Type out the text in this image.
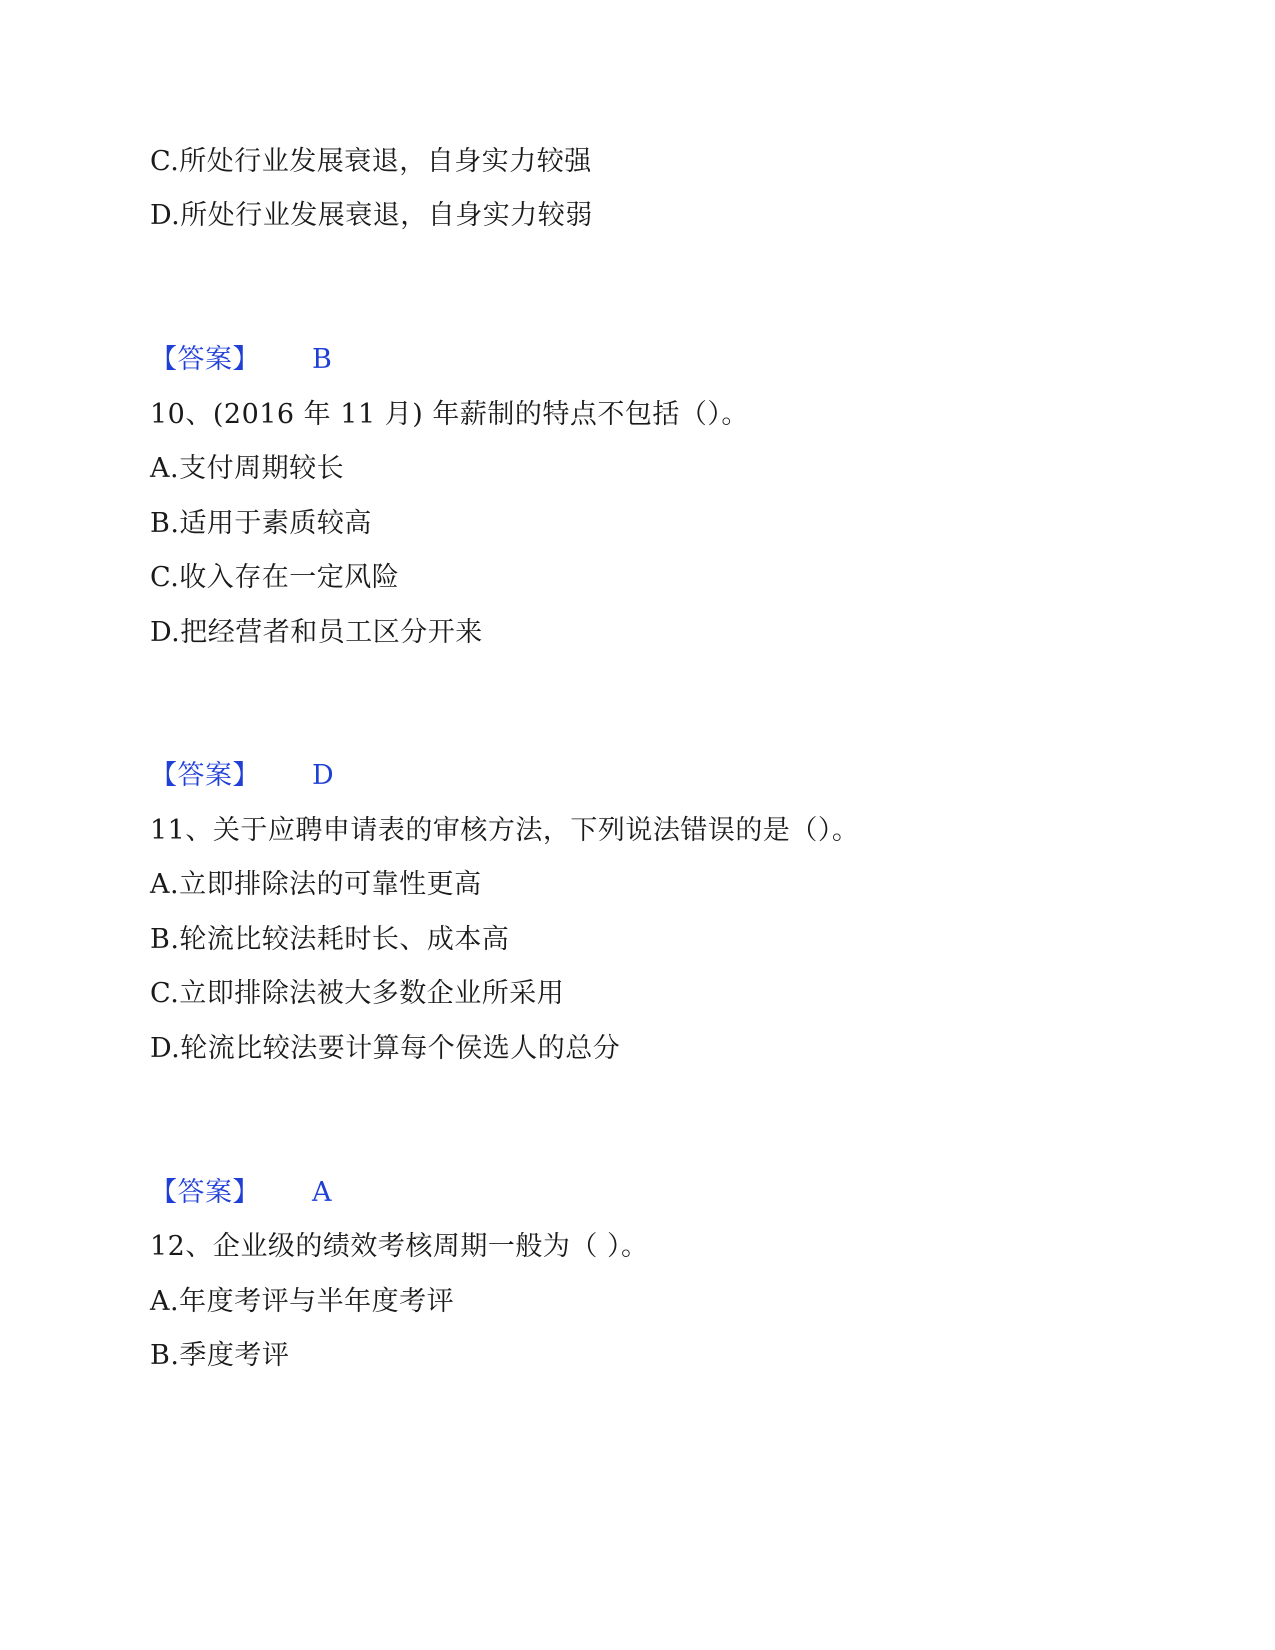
C.所处行业发展衰退，自身实力较强
D.所处行业发展衰退，自身实力较弱
【答案】 B
10、(2016 年 11 月) 年薪制的特点不包括（）。
A.支付周期较长
B.适用于素质较高
C.收入存在一定风险
D.把经营者和员工区分开来
【答案】 D
11、关于应聘申请表的审核方法，下列说法错误的是（）。
A.立即排除法的可靠性更高
B.轮流比较法耗时长、成本高
C.立即排除法被大多数企业所采用
D.轮流比较法要计算每个侯选人的总分
【答案】 A
12、企业级的绩效考核周期一般为（ ）。
A.年度考评与半年度考评
B.季度考评
